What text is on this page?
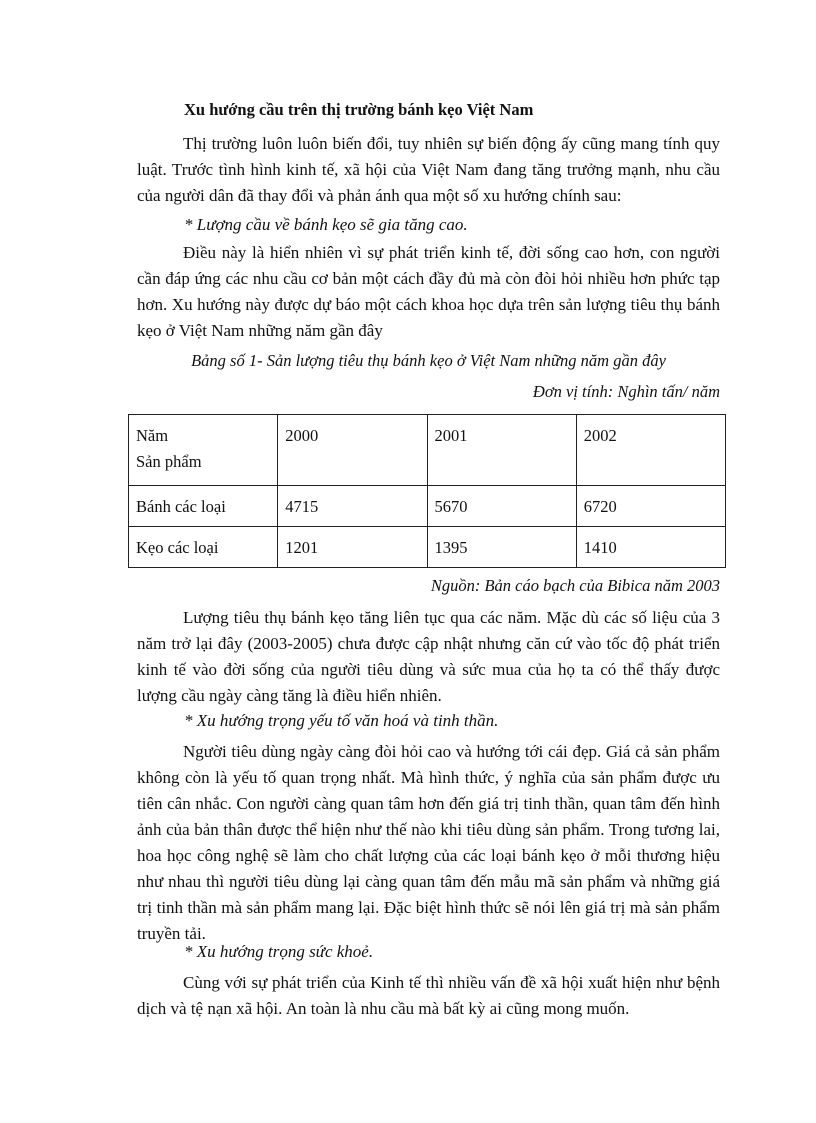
Xu hướng cầu trên thị trường bánh kẹo Việt Nam
Thị trường luôn luôn biến đổi, tuy nhiên sự biến động ấy cũng mang tính quy luật. Trước tình hình kinh tế, xã hội của Việt Nam đang tăng trưởng mạnh, nhu cầu của người dân đã thay đổi và phản ánh qua một số xu hướng chính sau:
* Lượng cầu về bánh kẹo sẽ gia tăng cao.
Điều này là hiển nhiên vì sự phát triển kinh tế, đời sống cao hơn, con người cần đáp ứng các nhu cầu cơ bản một cách đầy đủ mà còn đòi hỏi nhiều hơn phức tạp hơn. Xu hướng này được dự báo một cách khoa học dựa trên sản lượng tiêu thụ bánh kẹo ở Việt Nam những năm gần đây
Bảng số 1- Sản lượng tiêu thụ bánh kẹo ở Việt Nam những năm gần đây
Đơn vị tính: Nghìn tấn/ năm
Năm
Sản phẩm	2000	2001	2002
Bánh các loại	4715	5670	6720
Kẹo các loại	1201	1395	1410
Nguồn: Bản cáo bạch của Bibica năm 2003
Lượng tiêu thụ bánh kẹo tăng liên tục qua các năm. Mặc dù các số liệu của 3 năm trở lại đây (2003-2005) chưa được cập nhật nhưng căn cứ vào tốc độ phát triển kinh tế vào đời sống của người tiêu dùng và sức mua của họ ta có thể thấy được lượng cầu ngày càng tăng là điều hiển nhiên.
* Xu hướng trọng yếu tố văn hoá và tinh thần.
Người tiêu dùng ngày càng đòi hỏi cao và hướng tới cái đẹp. Giá cả sản phẩm không còn là yếu tố quan trọng nhất. Mà hình thức, ý nghĩa của sản phẩm được ưu tiên cân nhắc. Con người càng quan tâm hơn đến giá trị tinh thần, quan tâm đến hình ảnh của bản thân được thể hiện như thế nào khi tiêu dùng sản phẩm. Trong tương lai, hoa học công nghệ sẽ làm cho chất lượng của các loại bánh kẹo ở mỗi thương hiệu như nhau thì người tiêu dùng lại càng quan tâm đến mẫu mã sản phẩm và những giá trị tinh thần mà sản phẩm mang lại. Đặc biệt hình thức sẽ nói lên giá trị mà sản phẩm truyền tải.
* Xu hướng trọng sức khoẻ.
Cùng với sự phát triển của Kinh tế thì nhiều vấn đề xã hội xuất hiện như bệnh dịch và tệ nạn xã hội. An toàn là nhu cầu mà bất kỳ ai cũng mong muốn.
